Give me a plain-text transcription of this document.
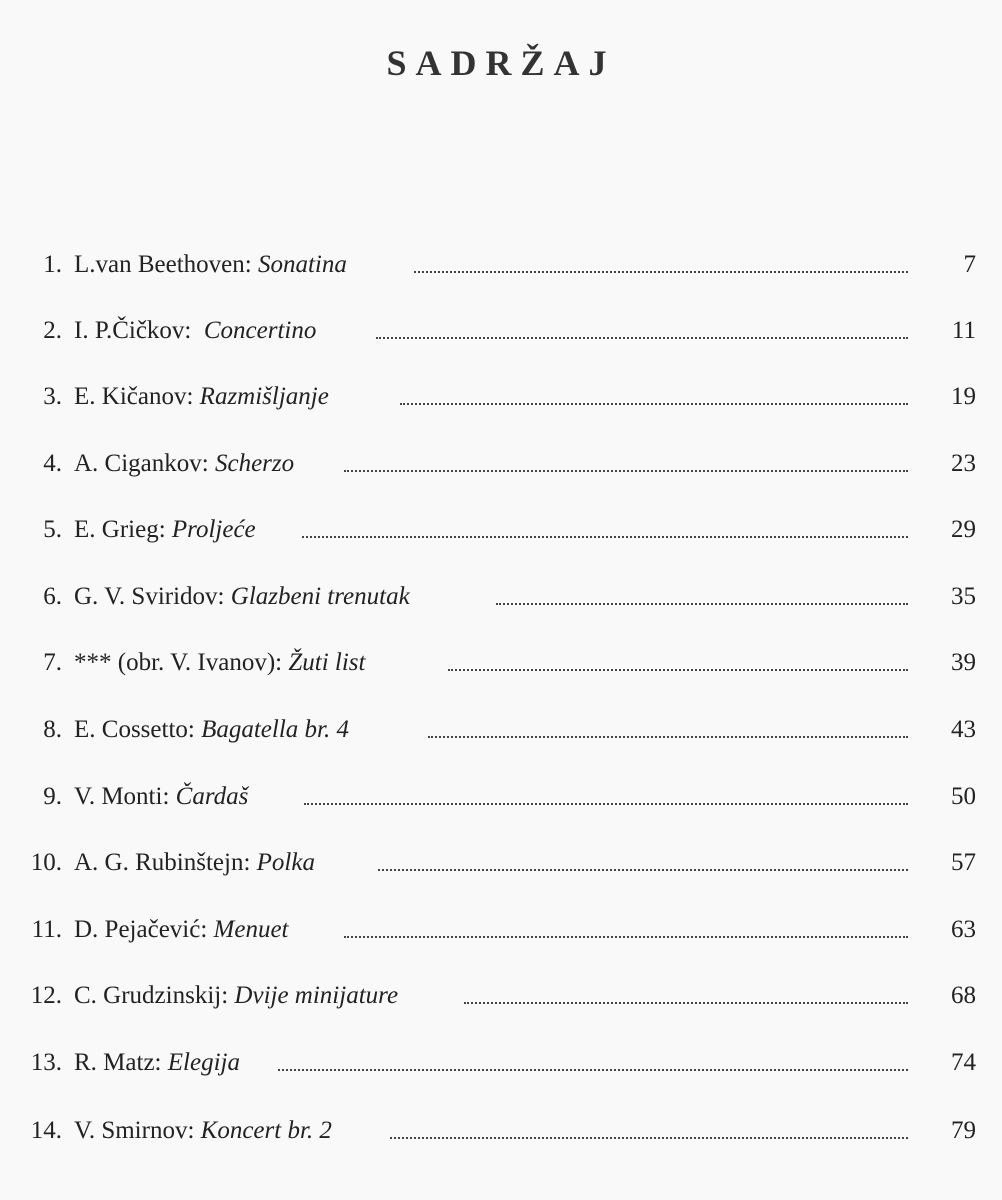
SADRŽAJ
1. L.van Beethoven: Sonatina	7
2. I. P.Čičkov: Concertino	11
3. E. Kičanov: Razmišljanje	19
4. A. Cigankov: Scherzo	23
5. E. Grieg: Proljeće	29
6. G. V. Sviridov: Glazbeni trenutak	35
7. *** (obr. V. Ivanov): Žuti list	39
8. E. Cossetto: Bagatella br. 4	43
9. V. Monti: Čardaš	50
10. A. G. Rubinštejn: Polka	57
11. D. Pejačević: Menuet	63
12. C. Grudzinskij: Dvije minijature	68
13. R. Matz: Elegija	74
14. V. Smirnov: Koncert br. 2	79
